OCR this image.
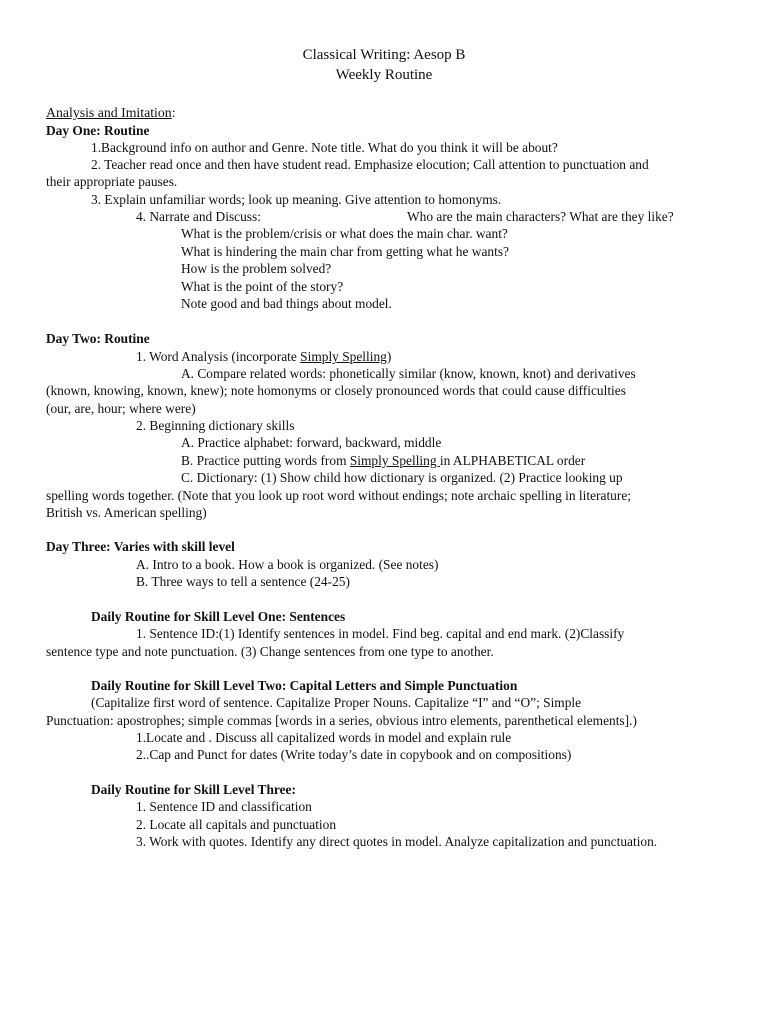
Classical Writing: Aesop B
Weekly Routine
Analysis and Imitation:
Day One: Routine
1.Background info on author and Genre. Note title. What do you think it will be about?
2. Teacher read once and then have student read. Emphasize elocution; Call attention to punctuation and
their appropriate pauses.
3. Explain unfamiliar words; look up meaning. Give attention to homonyms.
4. Narrate and Discuss:	Who are the main characters? What are they like?
What is the problem/crisis or what does the main char. want?
What is hindering the main char from getting what he wants?
How is the problem solved?
What is the point of the story?
Note good and bad things about model.
Day Two: Routine
1. Word Analysis (incorporate Simply Spelling)
A. Compare related words: phonetically similar (know, known, knot) and derivatives
(known, knowing, known, knew); note homonyms or closely pronounced words that could cause difficulties
(our, are, hour; where were)
2. Beginning dictionary skills
A. Practice alphabet: forward, backward, middle
B. Practice putting words from Simply Spelling in ALPHABETICAL order
C. Dictionary: (1) Show child how dictionary is organized. (2) Practice looking up
spelling words together. (Note that you look up root word without endings; note archaic spelling in literature;
British vs. American spelling)
Day Three: Varies with skill level
A. Intro to a book. How a book is organized. (See notes)
B. Three ways to tell a sentence (24-25)
Daily Routine for Skill Level One: Sentences
1. Sentence ID:(1) Identify sentences in model. Find beg. capital and end mark. (2)Classify
sentence type and note punctuation. (3) Change sentences from one type to another.
Daily Routine for Skill Level Two: Capital Letters and Simple Punctuation
(Capitalize first word of sentence. Capitalize Proper Nouns. Capitalize “I” and “O”; Simple
Punctuation: apostrophes; simple commas [words in a series, obvious intro elements, parenthetical elements].)
1.Locate and . Discuss all capitalized words in model and explain rule
2..Cap and Punct for dates (Write today’s date in copybook and on compositions)
Daily Routine for Skill Level Three:
1. Sentence ID and classification
2. Locate all capitals and punctuation
3. Work with quotes. Identify any direct quotes in model. Analyze capitalization and punctuation.
